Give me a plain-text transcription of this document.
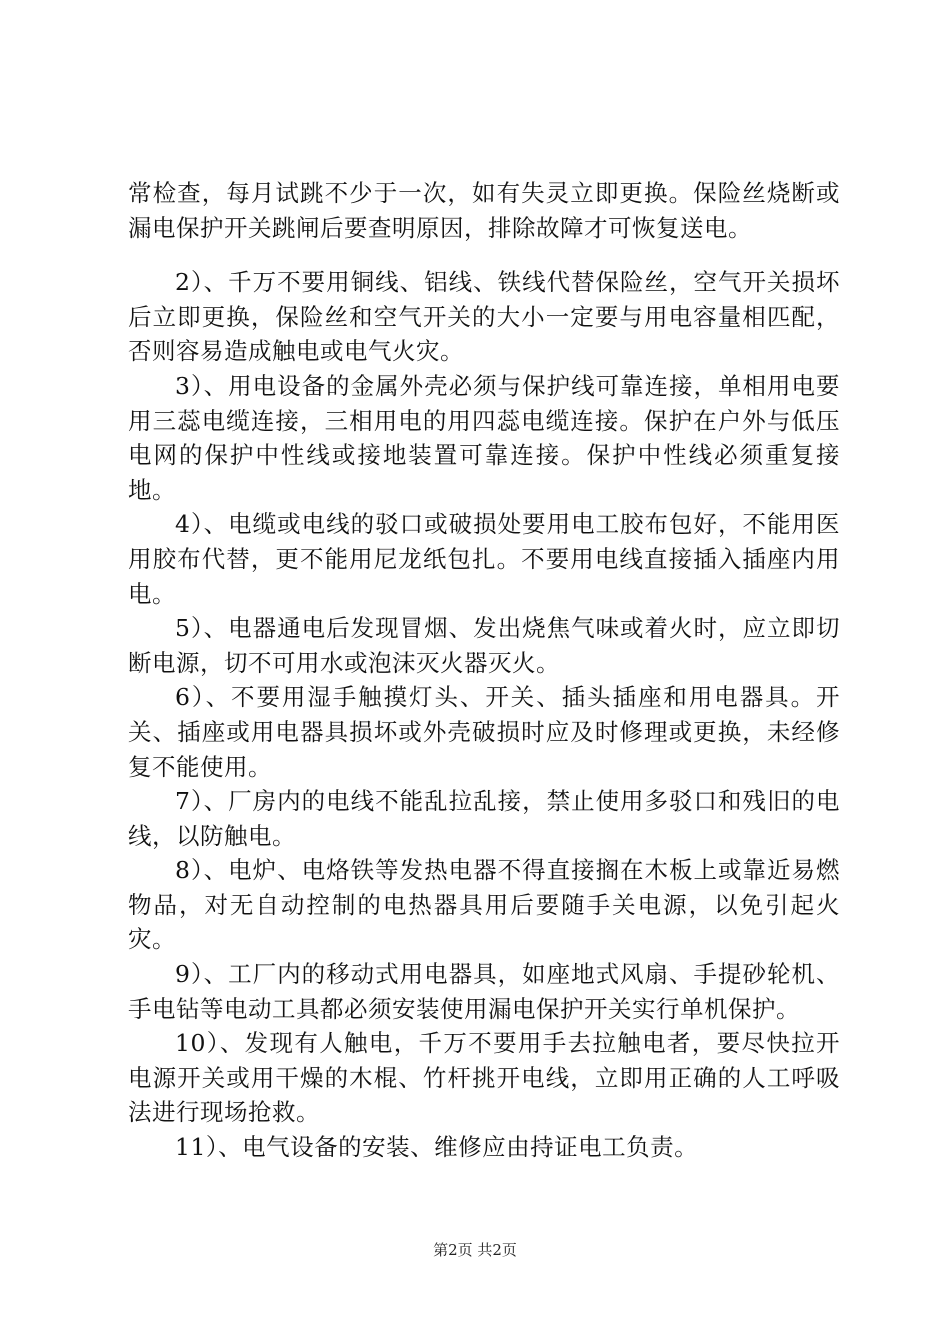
常检查，每月试跳不少于一次，如有失灵立即更换。保险丝烧断或漏电保护开关跳闸后要查明原因，排除故障才可恢复送电。

2）、千万不要用铜线、铝线、铁线代替保险丝，空气开关损坏后立即更换，保险丝和空气开关的大小一定要与用电容量相匹配，否则容易造成触电或电气火灾。

3）、用电设备的金属外壳必须与保护线可靠连接，单相用电要用三蕊电缆连接，三相用电的用四蕊电缆连接。保护在户外与低压电网的保护中性线或接地装置可靠连接。保护中性线必须重复接地。

4）、电缆或电线的驳口或破损处要用电工胶布包好，不能用医用胶布代替，更不能用尼龙纸包扎。不要用电线直接插入插座内用电。

5）、电器通电后发现冒烟、发出烧焦气味或着火时，应立即切断电源，切不可用水或泡沫灭火器灭火。

6）、不要用湿手触摸灯头、开关、插头插座和用电器具。开关、插座或用电器具损坏或外壳破损时应及时修理或更换，未经修复不能使用。

7）、厂房内的电线不能乱拉乱接，禁止使用多驳口和残旧的电线，以防触电。

8）、电炉、电烙铁等发热电器不得直接搁在木板上或靠近易燃物品，对无自动控制的电热器具用后要随手关电源，以免引起火灾。

9）、工厂内的移动式用电器具，如座地式风扇、手提砂轮机、手电钻等电动工具都必须安装使用漏电保护开关实行单机保护。

10）、发现有人触电，千万不要用手去拉触电者，要尽快拉开电源开关或用干燥的木棍、竹杆挑开电线，立即用正确的人工呼吸法进行现场抢救。

11）、电气设备的安装、维修应由持证电工负责。

第2页 共2页
